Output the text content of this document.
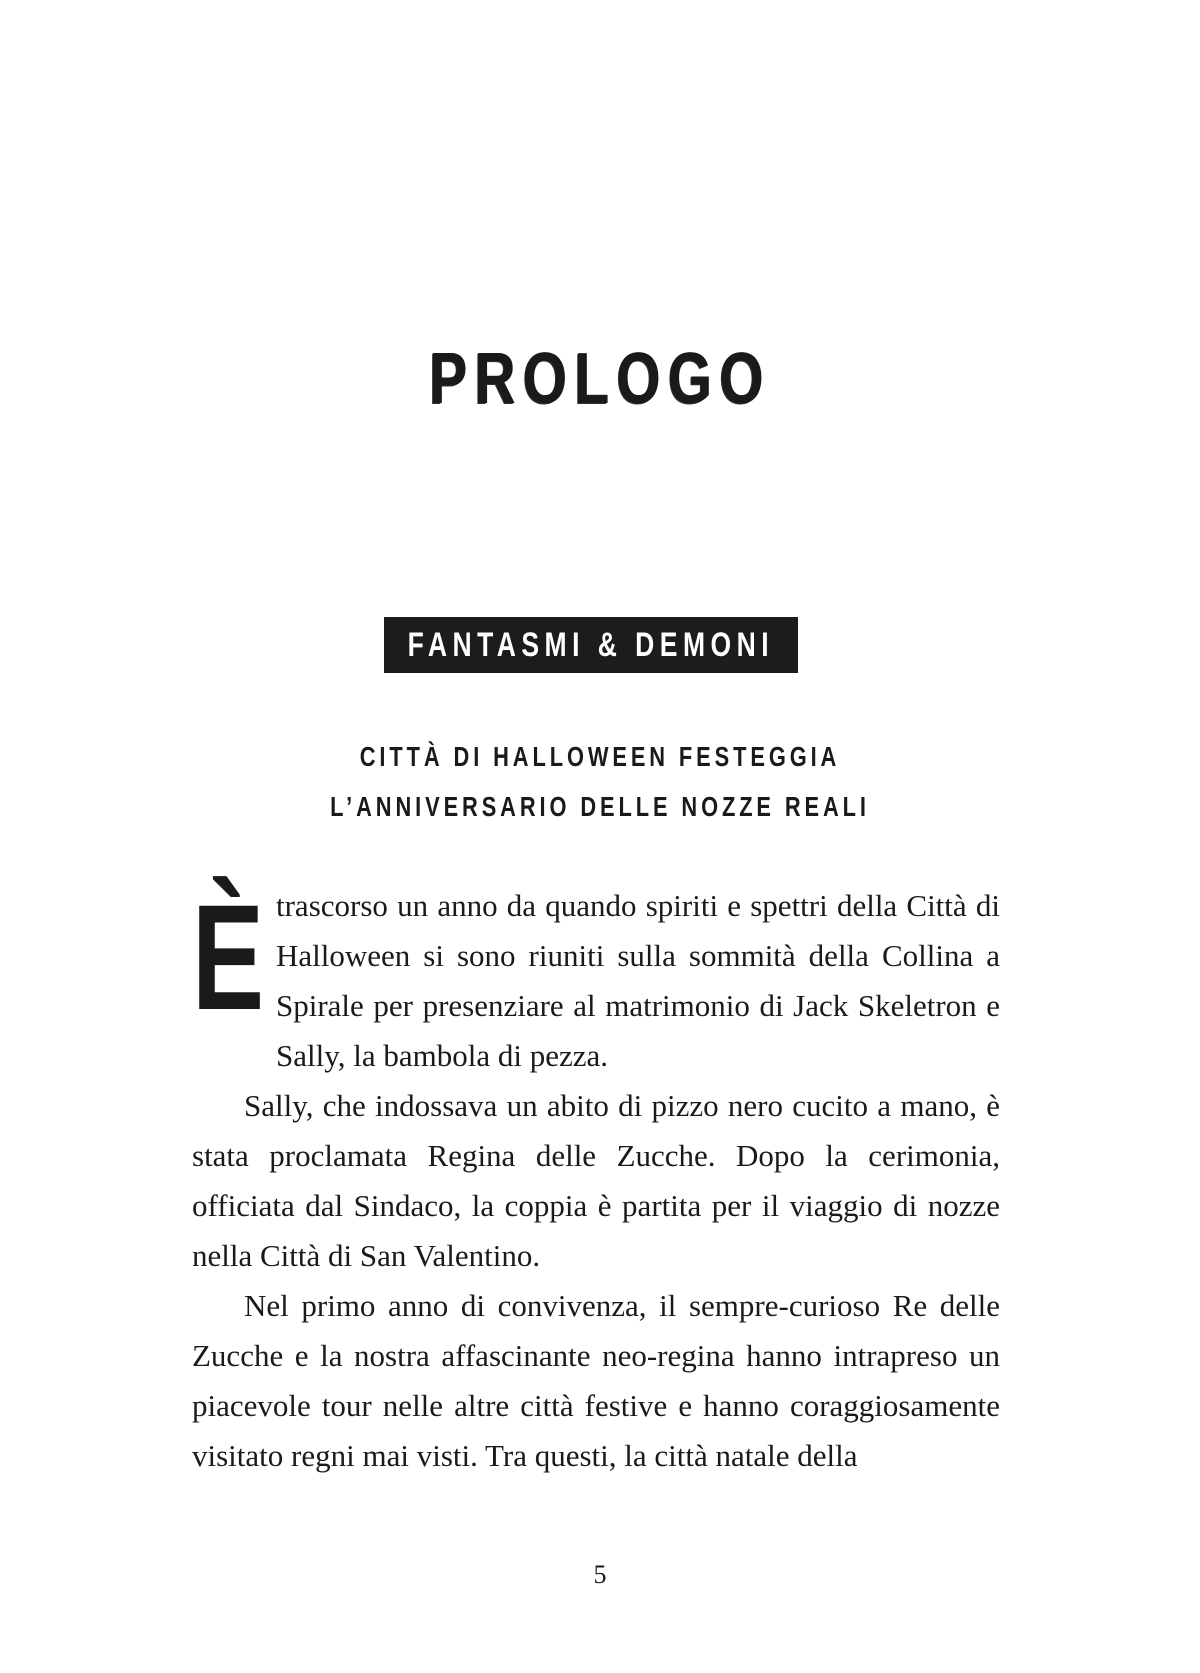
PROLOGO
FANTASMI & DEMONI
CITTÀ DI HALLOWEEN FESTEGGIA
L’ANNIVERSARIO DELLE NOZZE REALI

È trascorso un anno da quando spiriti e spettri della Città di Halloween si sono riuniti sulla sommità della Collina a Spirale per presenziare al matrimonio di Jack Skeletron e Sally, la bambola di pezza.

Sally, che indossava un abito di pizzo nero cucito a mano, è stata proclamata Regina delle Zucche. Dopo la cerimonia, officiata dal Sindaco, la coppia è partita per il viaggio di nozze nella Città di San Valentino.

Nel primo anno di convivenza, il sempre-curioso Re delle Zucche e la nostra affascinante neo-regina hanno intrapreso un piacevole tour nelle altre città festive e hanno coraggiosamente visitato regni mai visti. Tra questi, la città natale della

5
